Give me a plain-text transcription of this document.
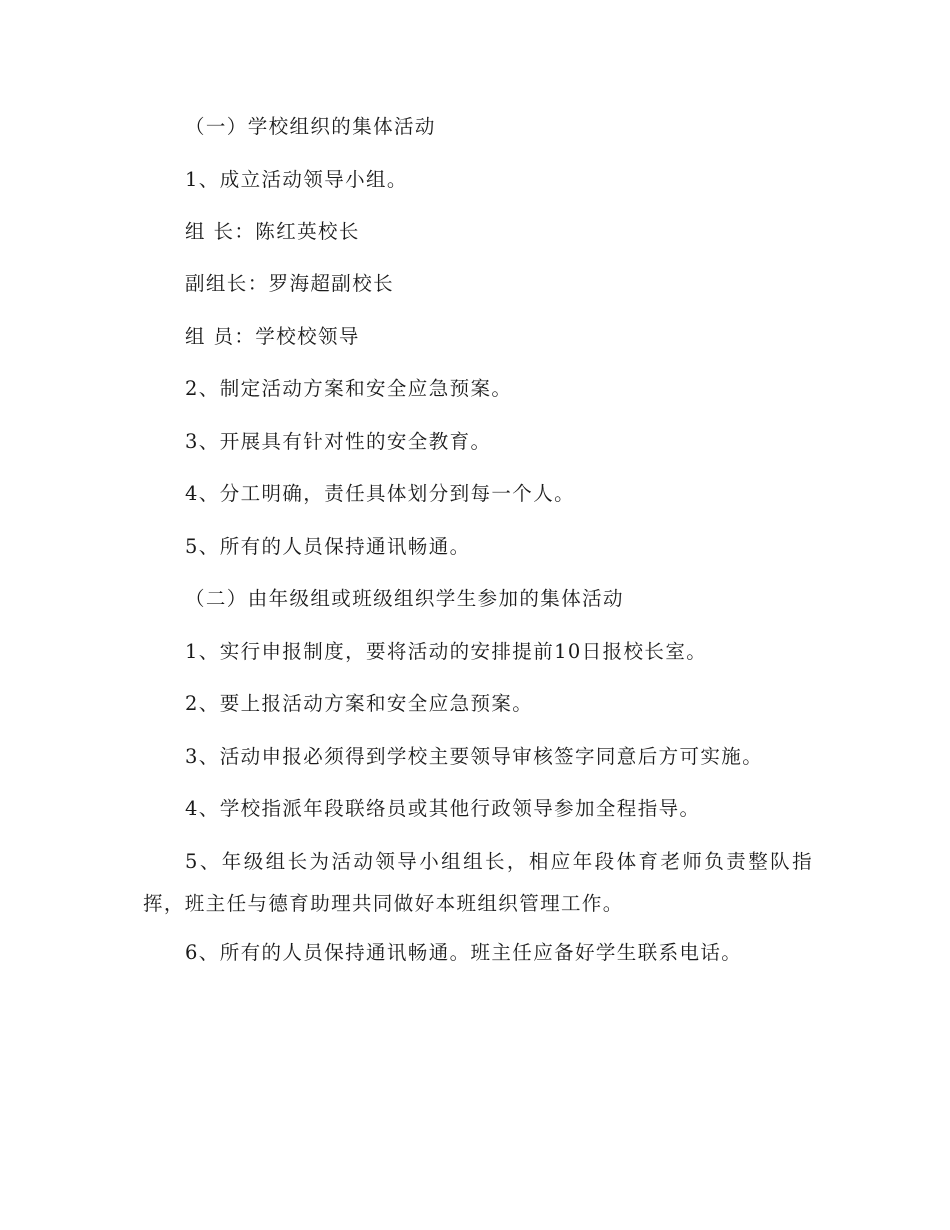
（一）学校组织的集体活动
1、成立活动领导小组。
组 长：陈红英校长
副组长：罗海超副校长
组 员：学校校领导
2、制定活动方案和安全应急预案。
3、开展具有针对性的安全教育。
4、分工明确，责任具体划分到每一个人。
5、所有的人员保持通讯畅通。
（二）由年级组或班级组织学生参加的集体活动
1、实行申报制度，要将活动的安排提前10日报校长室。
2、要上报活动方案和安全应急预案。
3、活动申报必须得到学校主要领导审核签字同意后方可实施。
4、学校指派年段联络员或其他行政领导参加全程指导。
5、年级组长为活动领导小组组长，相应年段体育老师负责整队指挥，班主任与德育助理共同做好本班组织管理工作。
6、所有的人员保持通讯畅通。班主任应备好学生联系电话。
